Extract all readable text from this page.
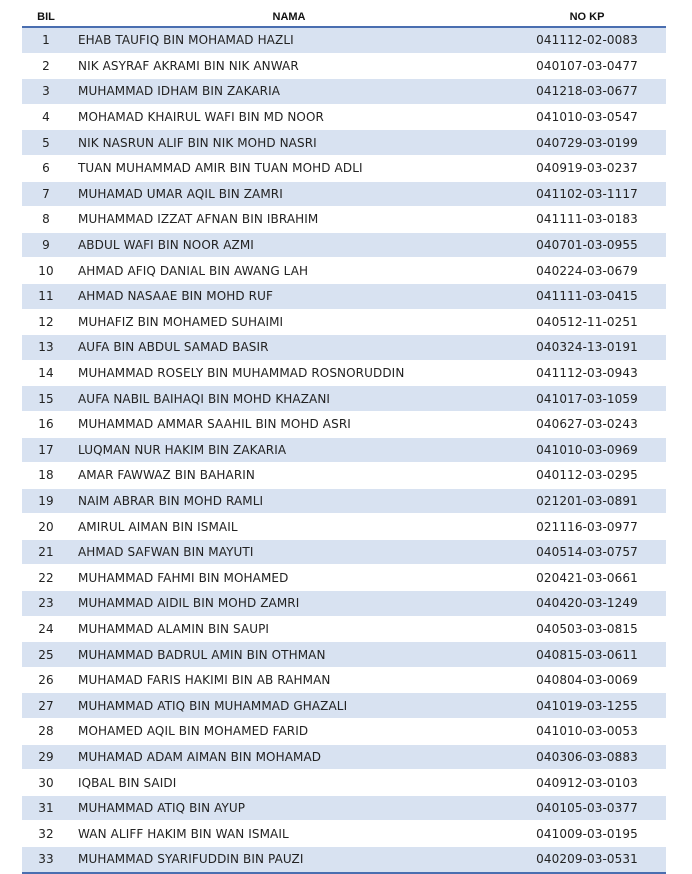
BIL	NAMA	NO KP
1	EHAB TAUFIQ BIN MOHAMAD HAZLI	041112-02-0083
2	NIK ASYRAF AKRAMI BIN NIK ANWAR	040107-03-0477
3	MUHAMMAD IDHAM BIN ZAKARIA	041218-03-0677
4	MOHAMAD KHAIRUL WAFI BIN MD NOOR	041010-03-0547
5	NIK NASRUN ALIF BIN NIK MOHD NASRI	040729-03-0199
6	TUAN MUHAMMAD AMIR BIN TUAN MOHD ADLI	040919-03-0237
7	MUHAMAD UMAR AQIL BIN ZAMRI	041102-03-1117
8	MUHAMMAD IZZAT AFNAN BIN IBRAHIM	041111-03-0183
9	ABDUL WAFI BIN NOOR AZMI	040701-03-0955
10	AHMAD AFIQ DANIAL BIN AWANG LAH	040224-03-0679
11	AHMAD NASAAE BIN MOHD RUF	041111-03-0415
12	MUHAFIZ BIN MOHAMED SUHAIMI	040512-11-0251
13	AUFA BIN ABDUL SAMAD BASIR	040324-13-0191
14	MUHAMMAD ROSELY BIN MUHAMMAD ROSNORUDDIN	041112-03-0943
15	AUFA NABIL BAIHAQI BIN MOHD KHAZANI	041017-03-1059
16	MUHAMMAD AMMAR SAAHIL BIN MOHD ASRI	040627-03-0243
17	LUQMAN NUR HAKIM BIN ZAKARIA	041010-03-0969
18	AMAR FAWWAZ BIN BAHARIN	040112-03-0295
19	NAIM ABRAR BIN MOHD RAMLI	021201-03-0891
20	AMIRUL AIMAN BIN ISMAIL	021116-03-0977
21	AHMAD SAFWAN BIN MAYUTI	040514-03-0757
22	MUHAMMAD FAHMI BIN MOHAMED	020421-03-0661
23	MUHAMMAD AIDIL BIN MOHD ZAMRI	040420-03-1249
24	MUHAMMAD ALAMIN BIN SAUPI	040503-03-0815
25	MUHAMMAD BADRUL AMIN BIN OTHMAN	040815-03-0611
26	MUHAMAD FARIS HAKIMI BIN AB RAHMAN	040804-03-0069
27	MUHAMMAD ATIQ BIN MUHAMMAD GHAZALI	041019-03-1255
28	MOHAMED AQIL BIN MOHAMED FARID	041010-03-0053
29	MUHAMAD ADAM AIMAN BIN MOHAMAD	040306-03-0883
30	IQBAL BIN SAIDI	040912-03-0103
31	MUHAMMAD ATIQ BIN AYUP	040105-03-0377
32	WAN ALIFF HAKIM BIN WAN ISMAIL	041009-03-0195
33	MUHAMMAD SYARIFUDDIN BIN PAUZI	040209-03-0531
